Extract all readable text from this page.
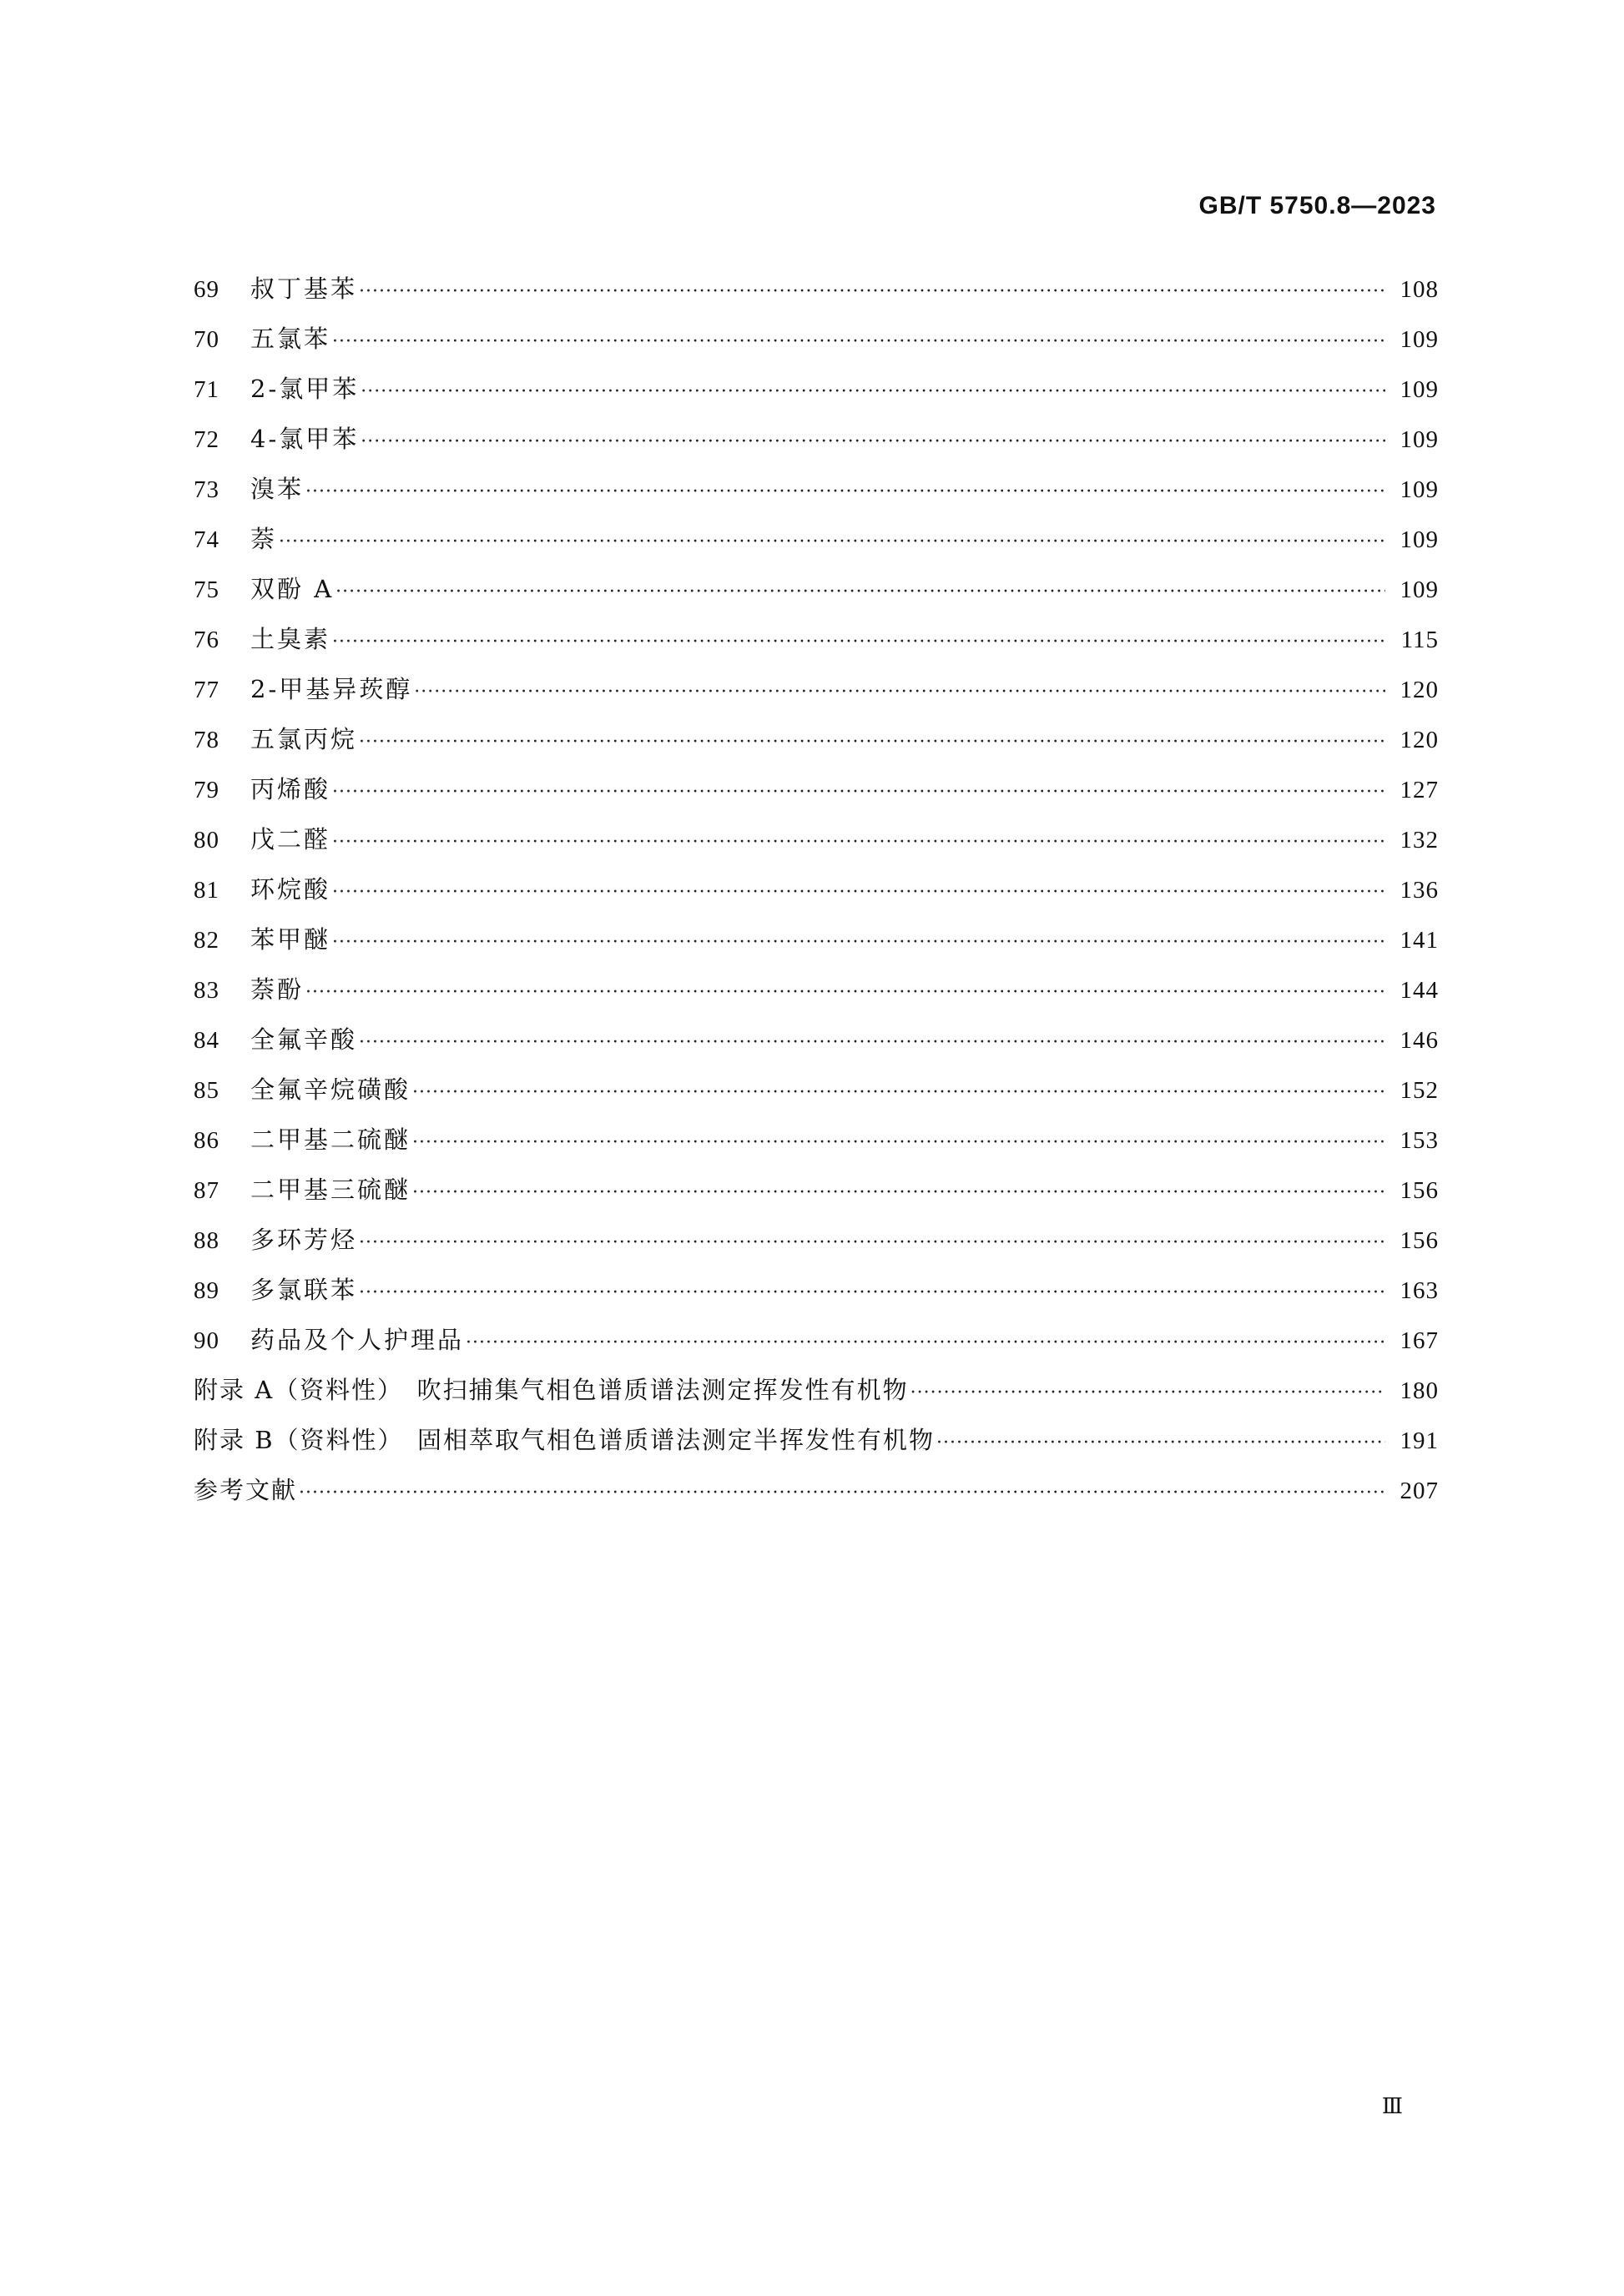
GB/T 5750.8—2023
69	叔丁基苯 ·····	108
70	五氯苯 ·····	109
71	2-氯甲苯 ·····	109
72	4-氯甲苯 ·····	109
73	溴苯 ·····	109
74	萘 ·····	109
75	双酚 A ·····	109
76	土臭素 ·····	115
77	2-甲基异莰醇 ·····	120
78	五氯丙烷 ·····	120
79	丙烯酸 ·····	127
80	戊二醛 ·····	132
81	环烷酸 ·····	136
82	苯甲醚 ·····	141
83	萘酚 ·····	144
84	全氟辛酸 ·····	146
85	全氟辛烷磺酸 ·····	152
86	二甲基二硫醚 ·····	153
87	二甲基三硫醚 ·····	156
88	多环芳烃 ·····	156
89	多氯联苯 ·····	163
90	药品及个人护理品 ·····	167
附录 A（资料性）　吹扫捕集气相色谱质谱法测定挥发性有机物 ·····	180
附录 B（资料性）　固相萃取气相色谱质谱法测定半挥发性有机物 ·····	191
参考文献 ·····	207
Ⅲ
